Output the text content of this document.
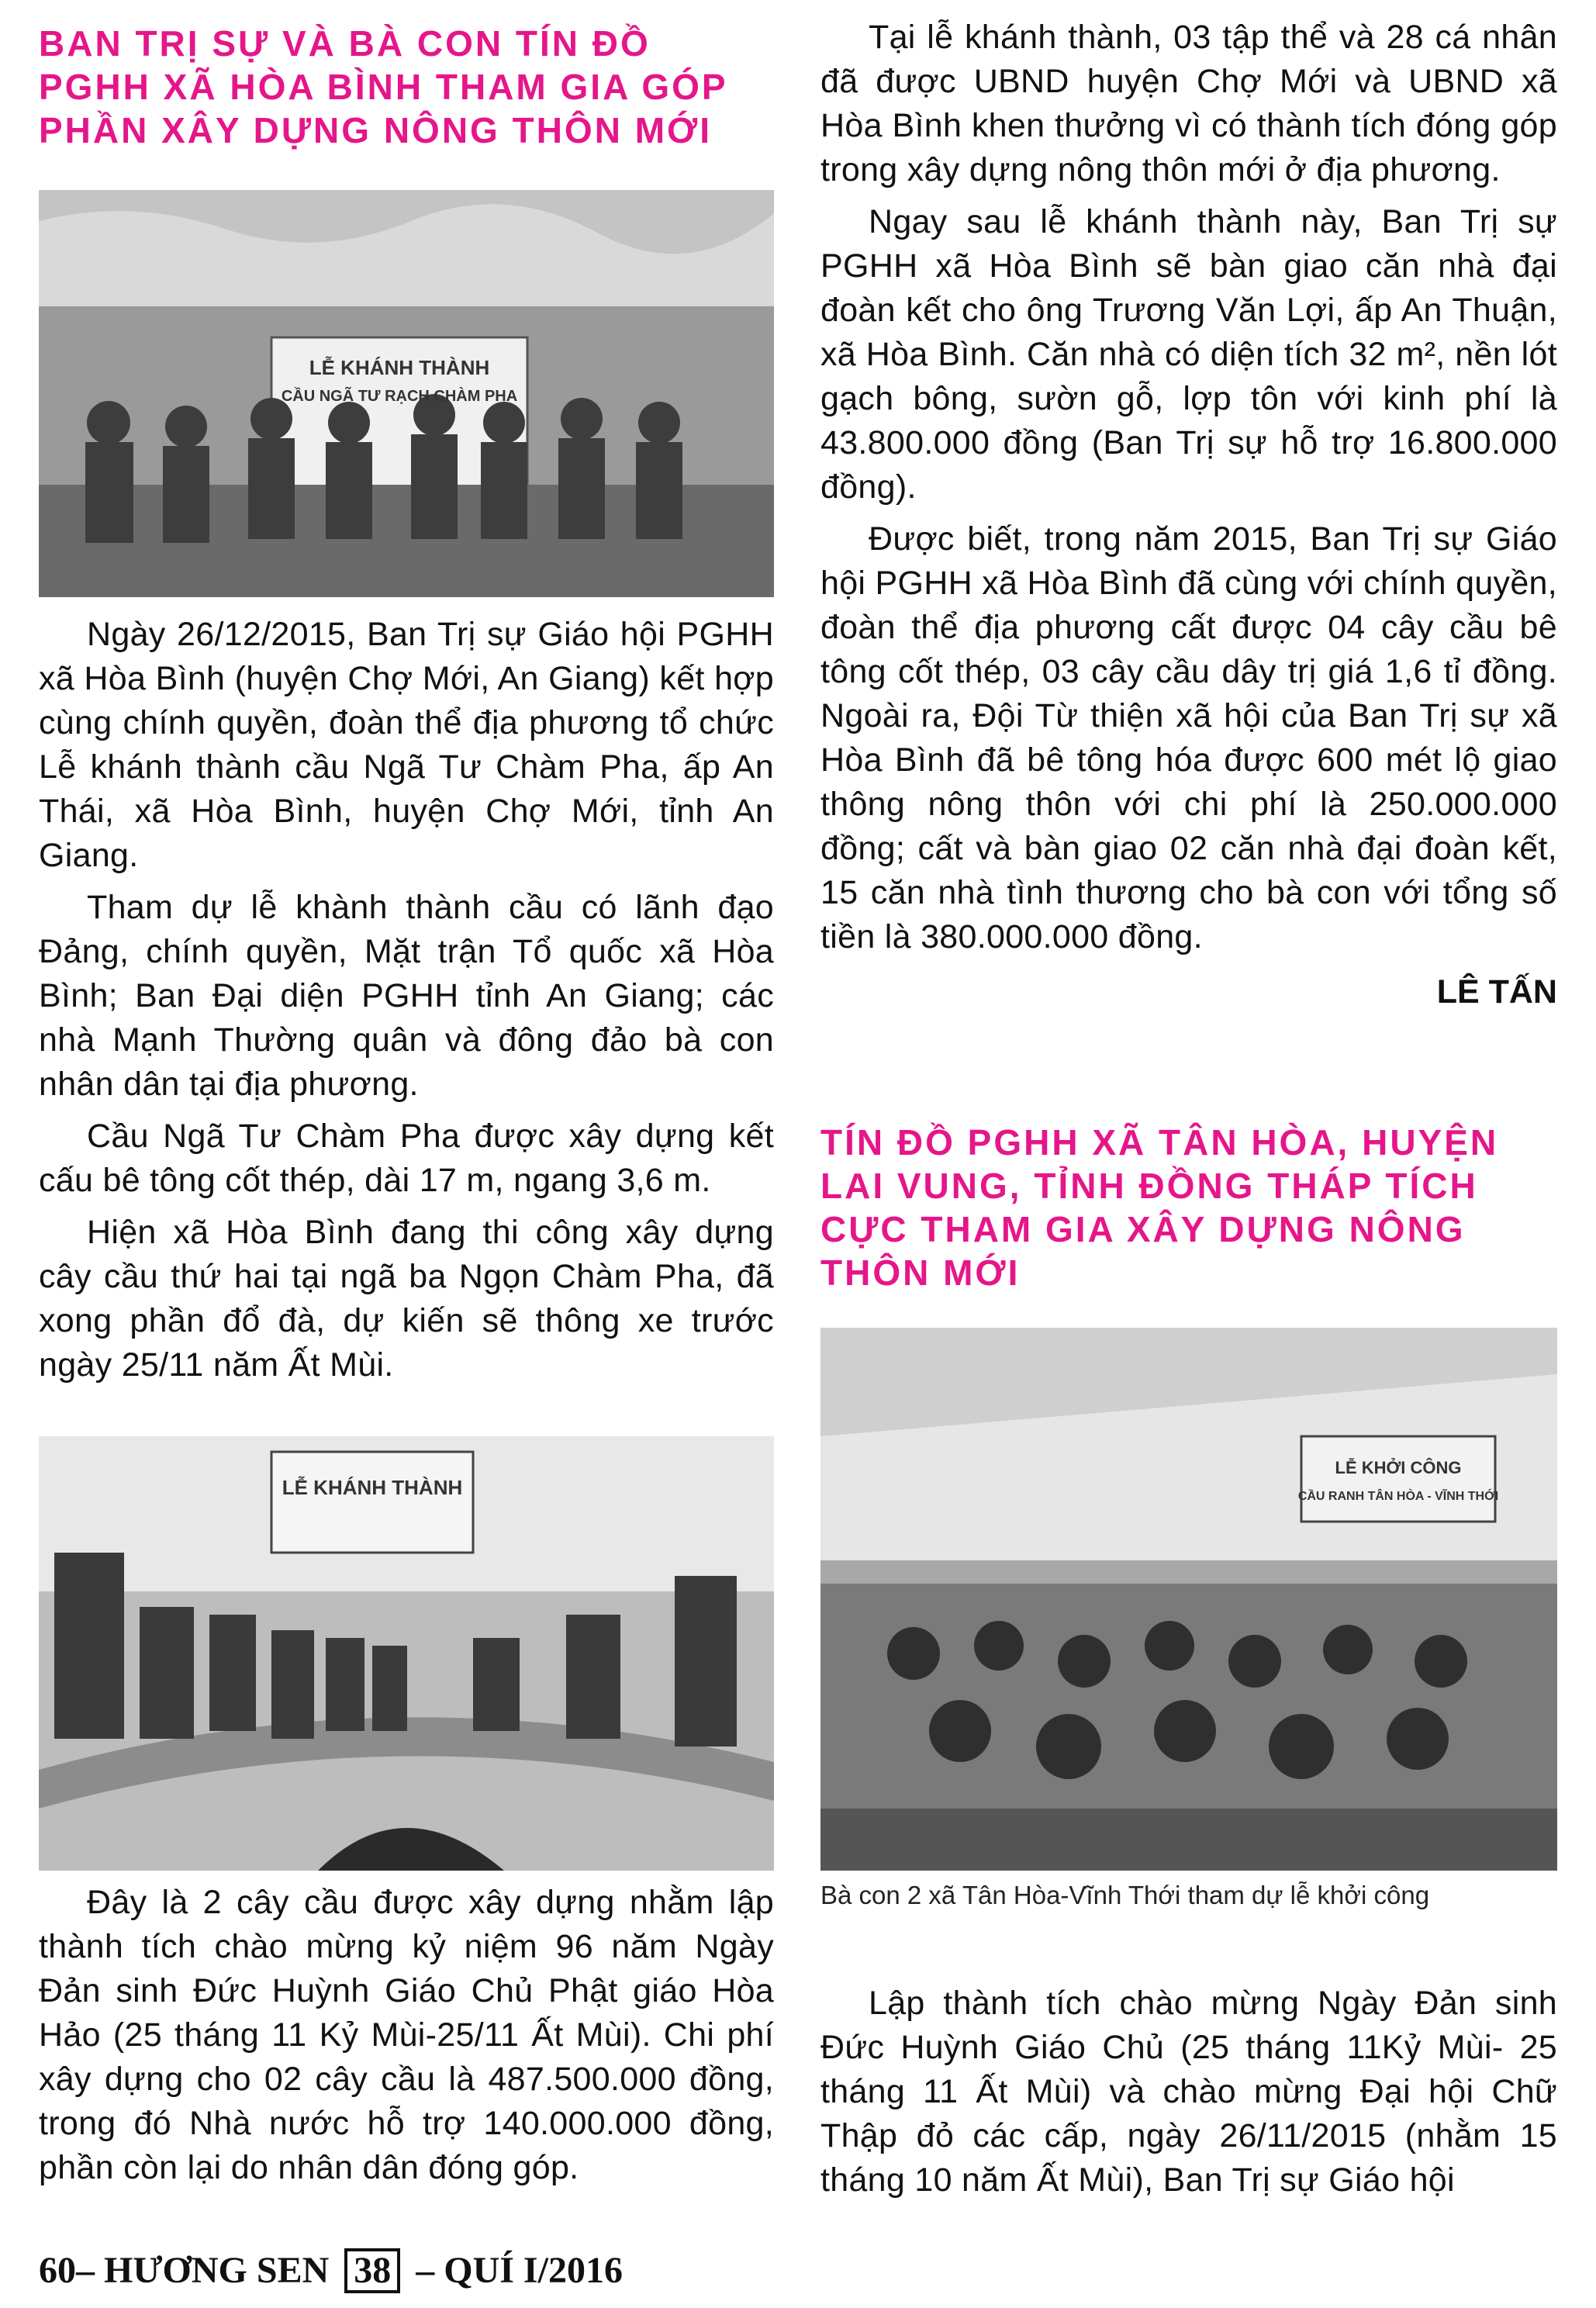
BAN TRỊ SỰ VÀ BÀ CON TÍN ĐỒ PGHH XÃ HÒA BÌNH THAM GIA GÓP PHẦN XÂY DỰNG NÔNG THÔN MỚI
LỄ KHÁNH THÀNH
CẦU NGÃ TƯ RẠCH CHÀM PHA

Ngày 26/12/2015, Ban Trị sự Giáo hội PGHH xã Hòa Bình (huyện Chợ Mới, An Giang) kết hợp cùng chính quyền, đoàn thể địa phương tổ chức Lễ khánh thành cầu Ngã Tư Chàm Pha, ấp An Thái, xã Hòa Bình, huyện Chợ Mới, tỉnh An Giang.

Tham dự lễ khành thành cầu có lãnh đạo Đảng, chính quyền, Mặt trận Tổ quốc xã Hòa Bình; Ban Đại diện PGHH tỉnh An Giang; các nhà Mạnh Thường quân và đông đảo bà con nhân dân tại địa phương.

Cầu Ngã Tư Chàm Pha được xây dựng kết cấu bê tông cốt thép, dài 17 m, ngang 3,6 m.

Hiện xã Hòa Bình đang thi công xây dựng cây cầu thứ hai tại ngã ba Ngọn Chàm Pha, đã xong phần đổ đà, dự kiến sẽ thông xe trước ngày 25/11 năm Ất Mùi.

LỄ KHÁNH THÀNH

Đây là 2 cây cầu được xây dựng nhằm lập thành tích chào mừng kỷ niệm 96 năm Ngày Đản sinh Đức Huỳnh Giáo Chủ Phật giáo Hòa Hảo (25 tháng 11 Kỷ Mùi-25/11 Ất Mùi). Chi phí xây dựng cho 02 cây cầu là 487.500.000 đồng, trong đó Nhà nước hỗ trợ 140.000.000 đồng, phần còn lại do nhân dân đóng góp.

Tại lễ khánh thành, 03 tập thể và 28 cá nhân đã được UBND huyện Chợ Mới và UBND xã Hòa Bình khen thưởng vì có thành tích đóng góp trong xây dựng nông thôn mới ở địa phương.

Ngay sau lễ khánh thành này, Ban Trị sự PGHH xã Hòa Bình sẽ bàn giao căn nhà đại đoàn kết cho ông Trương Văn Lợi, ấp An Thuận, xã Hòa Bình. Căn nhà có diện tích 32 m², nền lót gạch bông, sườn gỗ, lợp tôn với kinh phí là 43.800.000 đồng (Ban Trị sự hỗ trợ 16.800.000 đồng).

Được biết, trong năm 2015, Ban Trị sự Giáo hội PGHH xã Hòa Bình đã cùng với chính quyền, đoàn thể địa phương cất được 04 cây cầu bê tông cốt thép, 03 cây cầu dây trị giá 1,6 tỉ đồng. Ngoài ra, Đội Từ thiện xã hội của Ban Trị sự xã Hòa Bình đã bê tông hóa được 600 mét lộ giao thông nông thôn với chi phí là 250.000.000 đồng; cất và bàn giao 02 căn nhà đại đoàn kết, 15 căn nhà tình thương cho bà con với tổng số tiền là 380.000.000 đồng.

LÊ TẤN

TÍN ĐỒ PGHH XÃ TÂN HÒA, HUYỆN LAI VUNG, TỈNH ĐỒNG THÁP TÍCH CỰC THAM GIA XÂY DỰNG NÔNG THÔN MỚI
LỄ KHỞI CÔNG
CẦU RANH TÂN HÒA - VĨNH THỚI

Bà con 2 xã Tân Hòa-Vĩnh Thới tham dự lễ khởi công

Lập thành tích chào mừng Ngày Đản sinh Đức Huỳnh Giáo Chủ (25 tháng 11Kỷ Mùi- 25 tháng 11 Ất Mùi) và chào mừng Đại hội Chữ Thập đỏ các cấp, ngày 26/11/2015 (nhằm 15 tháng 10 năm Ất Mùi), Ban Trị sự Giáo hội

60– HƯƠNG SEN 38 – QUÍ I/2016
